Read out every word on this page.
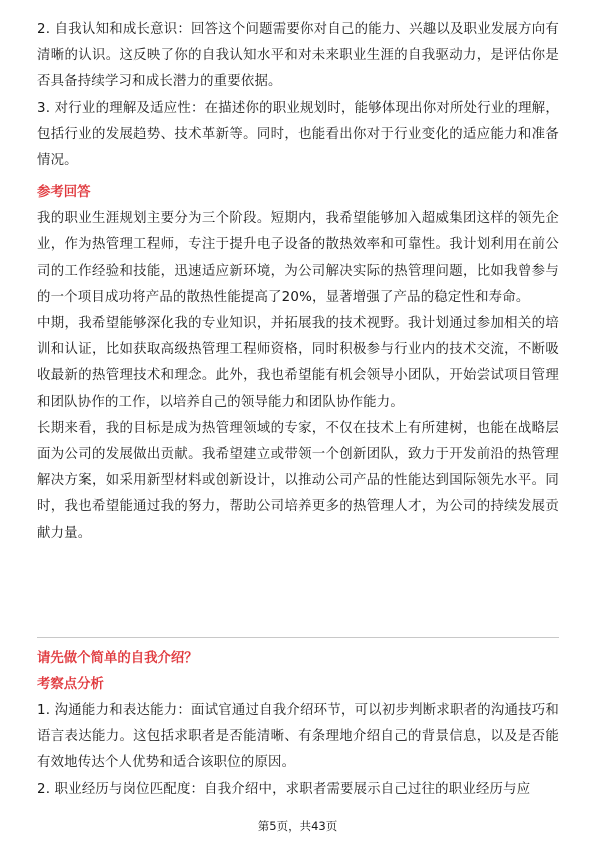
2. 自我认知和成长意识：回答这个问题需要你对自己的能力、兴趣以及职业发展方向有清晰的认识。这反映了你的自我认知水平和对未来职业生涯的自我驱动力，是评估你是否具备持续学习和成长潜力的重要依据。

3. 对行业的理解及适应性：在描述你的职业规划时，能够体现出你对所处行业的理解，包括行业的发展趋势、技术革新等。同时，也能看出你对于行业变化的适应能力和准备情况。

参考回答

我的职业生涯规划主要分为三个阶段。短期内，我希望能够加入超威集团这样的领先企业，作为热管理工程师，专注于提升电子设备的散热效率和可靠性。我计划利用在前公司的工作经验和技能，迅速适应新环境，为公司解决实际的热管理问题，比如我曾参与的一个项目成功将产品的散热性能提高了20%，显著增强了产品的稳定性和寿命。

中期，我希望能够深化我的专业知识，并拓展我的技术视野。我计划通过参加相关的培训和认证，比如获取高级热管理工程师资格，同时积极参与行业内的技术交流，不断吸收最新的热管理技术和理念。此外，我也希望能有机会领导小团队，开始尝试项目管理和团队协作的工作，以培养自己的领导能力和团队协作能力。

长期来看，我的目标是成为热管理领域的专家，不仅在技术上有所建树，也能在战略层面为公司的发展做出贡献。我希望建立或带领一个创新团队，致力于开发前沿的热管理解决方案，如采用新型材料或创新设计，以推动公司产品的性能达到国际领先水平。同时，我也希望能通过我的努力，帮助公司培养更多的热管理人才，为公司的持续发展贡献力量。

请先做个简单的自我介绍？

考察点分析

1. 沟通能力和表达能力：面试官通过自我介绍环节，可以初步判断求职者的沟通技巧和语言表达能力。这包括求职者是否能清晰、有条理地介绍自己的背景信息，以及是否能有效地传达个人优势和适合该职位的原因。

2. 职业经历与岗位匹配度：自我介绍中，求职者需要展示自己过往的职业经历与应

第5页，共43页
